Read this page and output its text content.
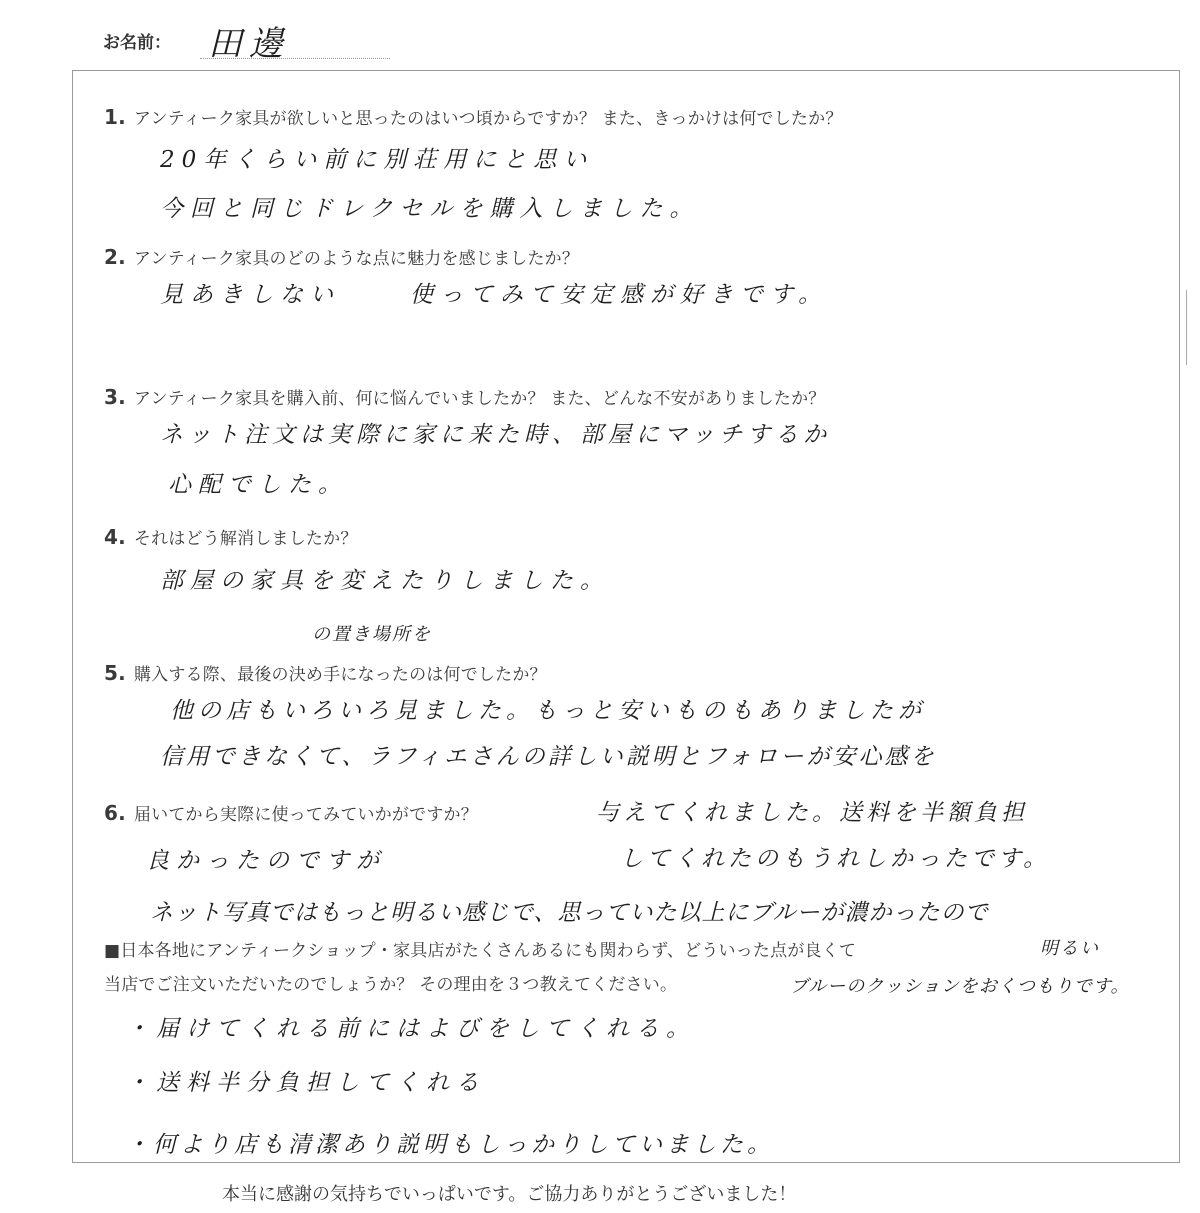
お名前： 田邊
1. アンティーク家具が欲しいと思ったのはいつ頃からですか？ また、きっかけは何でしたか？
20年くらい前に別荘用にと思い
今回と同じドレクセルを購入しました。
2. アンティーク家具のどのような点に魅力を感じましたか？
見あきしない	使ってみて安定感が好きです。
3. アンティーク家具を購入前、何に悩んでいましたか？ また、どんな不安がありましたか？
ネット注文は実際に家に来た時、部屋にマッチするか
心配でした。
4. それはどう解消しましたか？
部屋の家具を変えたりしました。
の置き場所を
5. 購入する際、最後の決め手になったのは何でしたか？
他の店もいろいろ見ました。もっと安いものもありましたが
信用できなくて、ラフィエさんの詳しい説明とフォローが安心感を
与えてくれました。送料を半額負担
してくれたのもうれしかったです。
6. 届いてから実際に使ってみていかがですか？
良かったのですが
ネット写真ではもっと明るい感じで、思っていた以上にブルーが濃かったので
明るい
■日本各地にアンティークショップ・家具店がたくさんあるにも関わらず、どういった点が良くて
当店でご注文いただいたのでしょうか？ その理由を３つ教えてください。	ブルーのクッションをおくつもりです。
・届けてくれる前にはよびをしてくれる。
・送料半分負担してくれる
・何より店も清潔あり説明もしっかりしていました。
本当に感謝の気持ちでいっぱいです。ご協力ありがとうございました！
